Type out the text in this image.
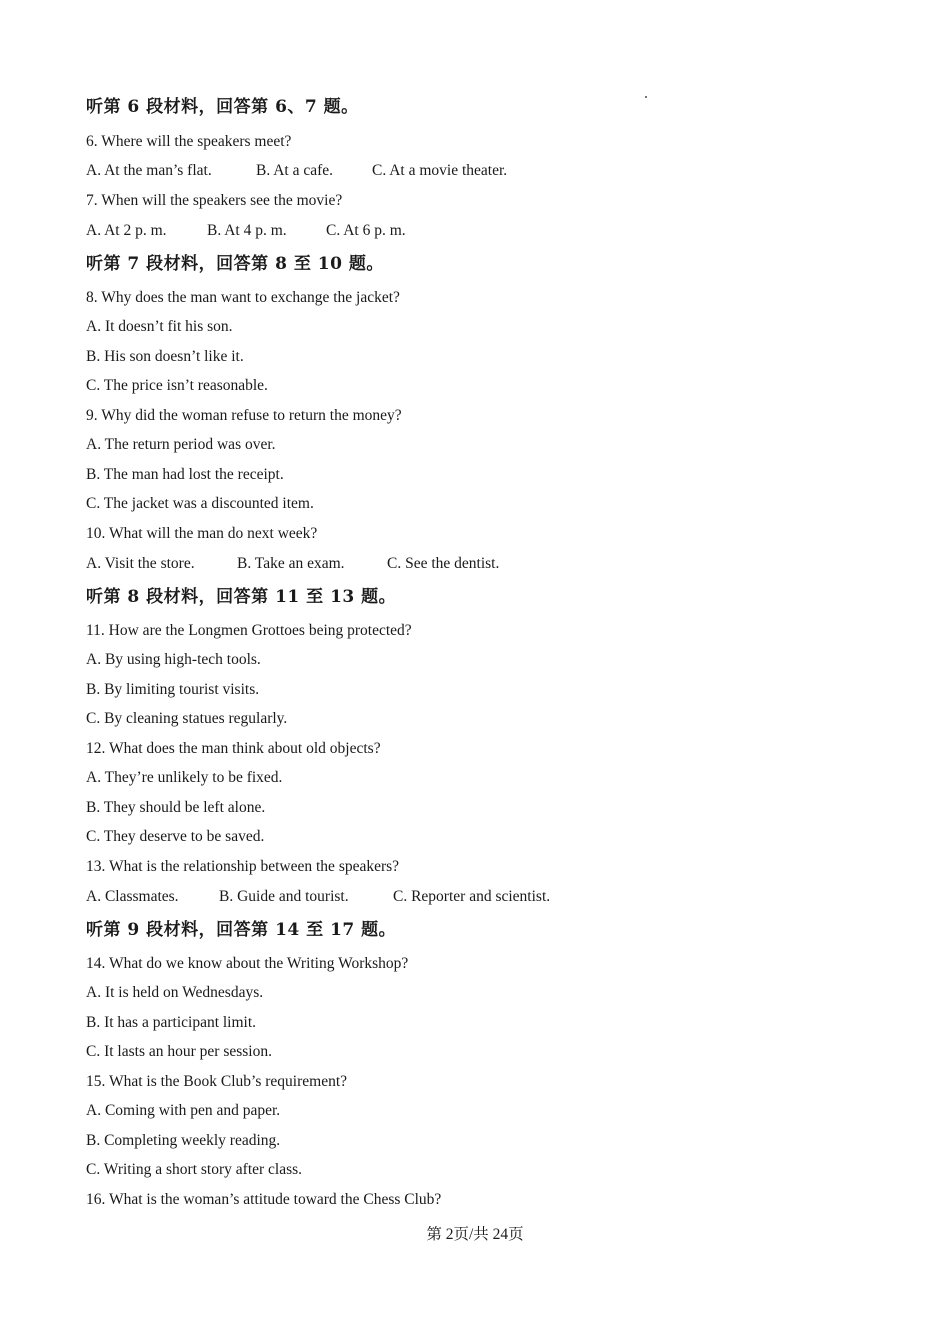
听第 6 段材料，回答第 6、7 题。
6. Where will the speakers meet?
A. At the man’s flat.	B. At a cafe.	C. At a movie theater.
7. When will the speakers see the movie?
A. At 2 p. m.	B. At 4 p. m.	C. At 6 p. m.
听第 7 段材料，回答第 8 至 10 题。
8. Why does the man want to exchange the jacket?
A. It doesn’t fit his son.
B. His son doesn’t like it.
C. The price isn’t reasonable.
9. Why did the woman refuse to return the money?
A. The return period was over.
B. The man had lost the receipt.
C. The jacket was a discounted item.
10. What will the man do next week?
A. Visit the store.	B. Take an exam.	C. See the dentist.
听第 8 段材料，回答第 11 至 13 题。
11. How are the Longmen Grottoes being protected?
A. By using high-tech tools.
B. By limiting tourist visits.
C. By cleaning statues regularly.
12. What does the man think about old objects?
A. They’re unlikely to be fixed.
B. They should be left alone.
C. They deserve to be saved.
13. What is the relationship between the speakers?
A. Classmates.	B. Guide and tourist.	C. Reporter and scientist.
听第 9 段材料，回答第 14 至 17 题。
14. What do we know about the Writing Workshop?
A. It is held on Wednesdays.
B. It has a participant limit.
C. It lasts an hour per session.
15. What is the Book Club’s requirement?
A. Coming with pen and paper.
B. Completing weekly reading.
C. Writing a short story after class.
16. What is the woman’s attitude toward the Chess Club?
第 2页/共 24页
